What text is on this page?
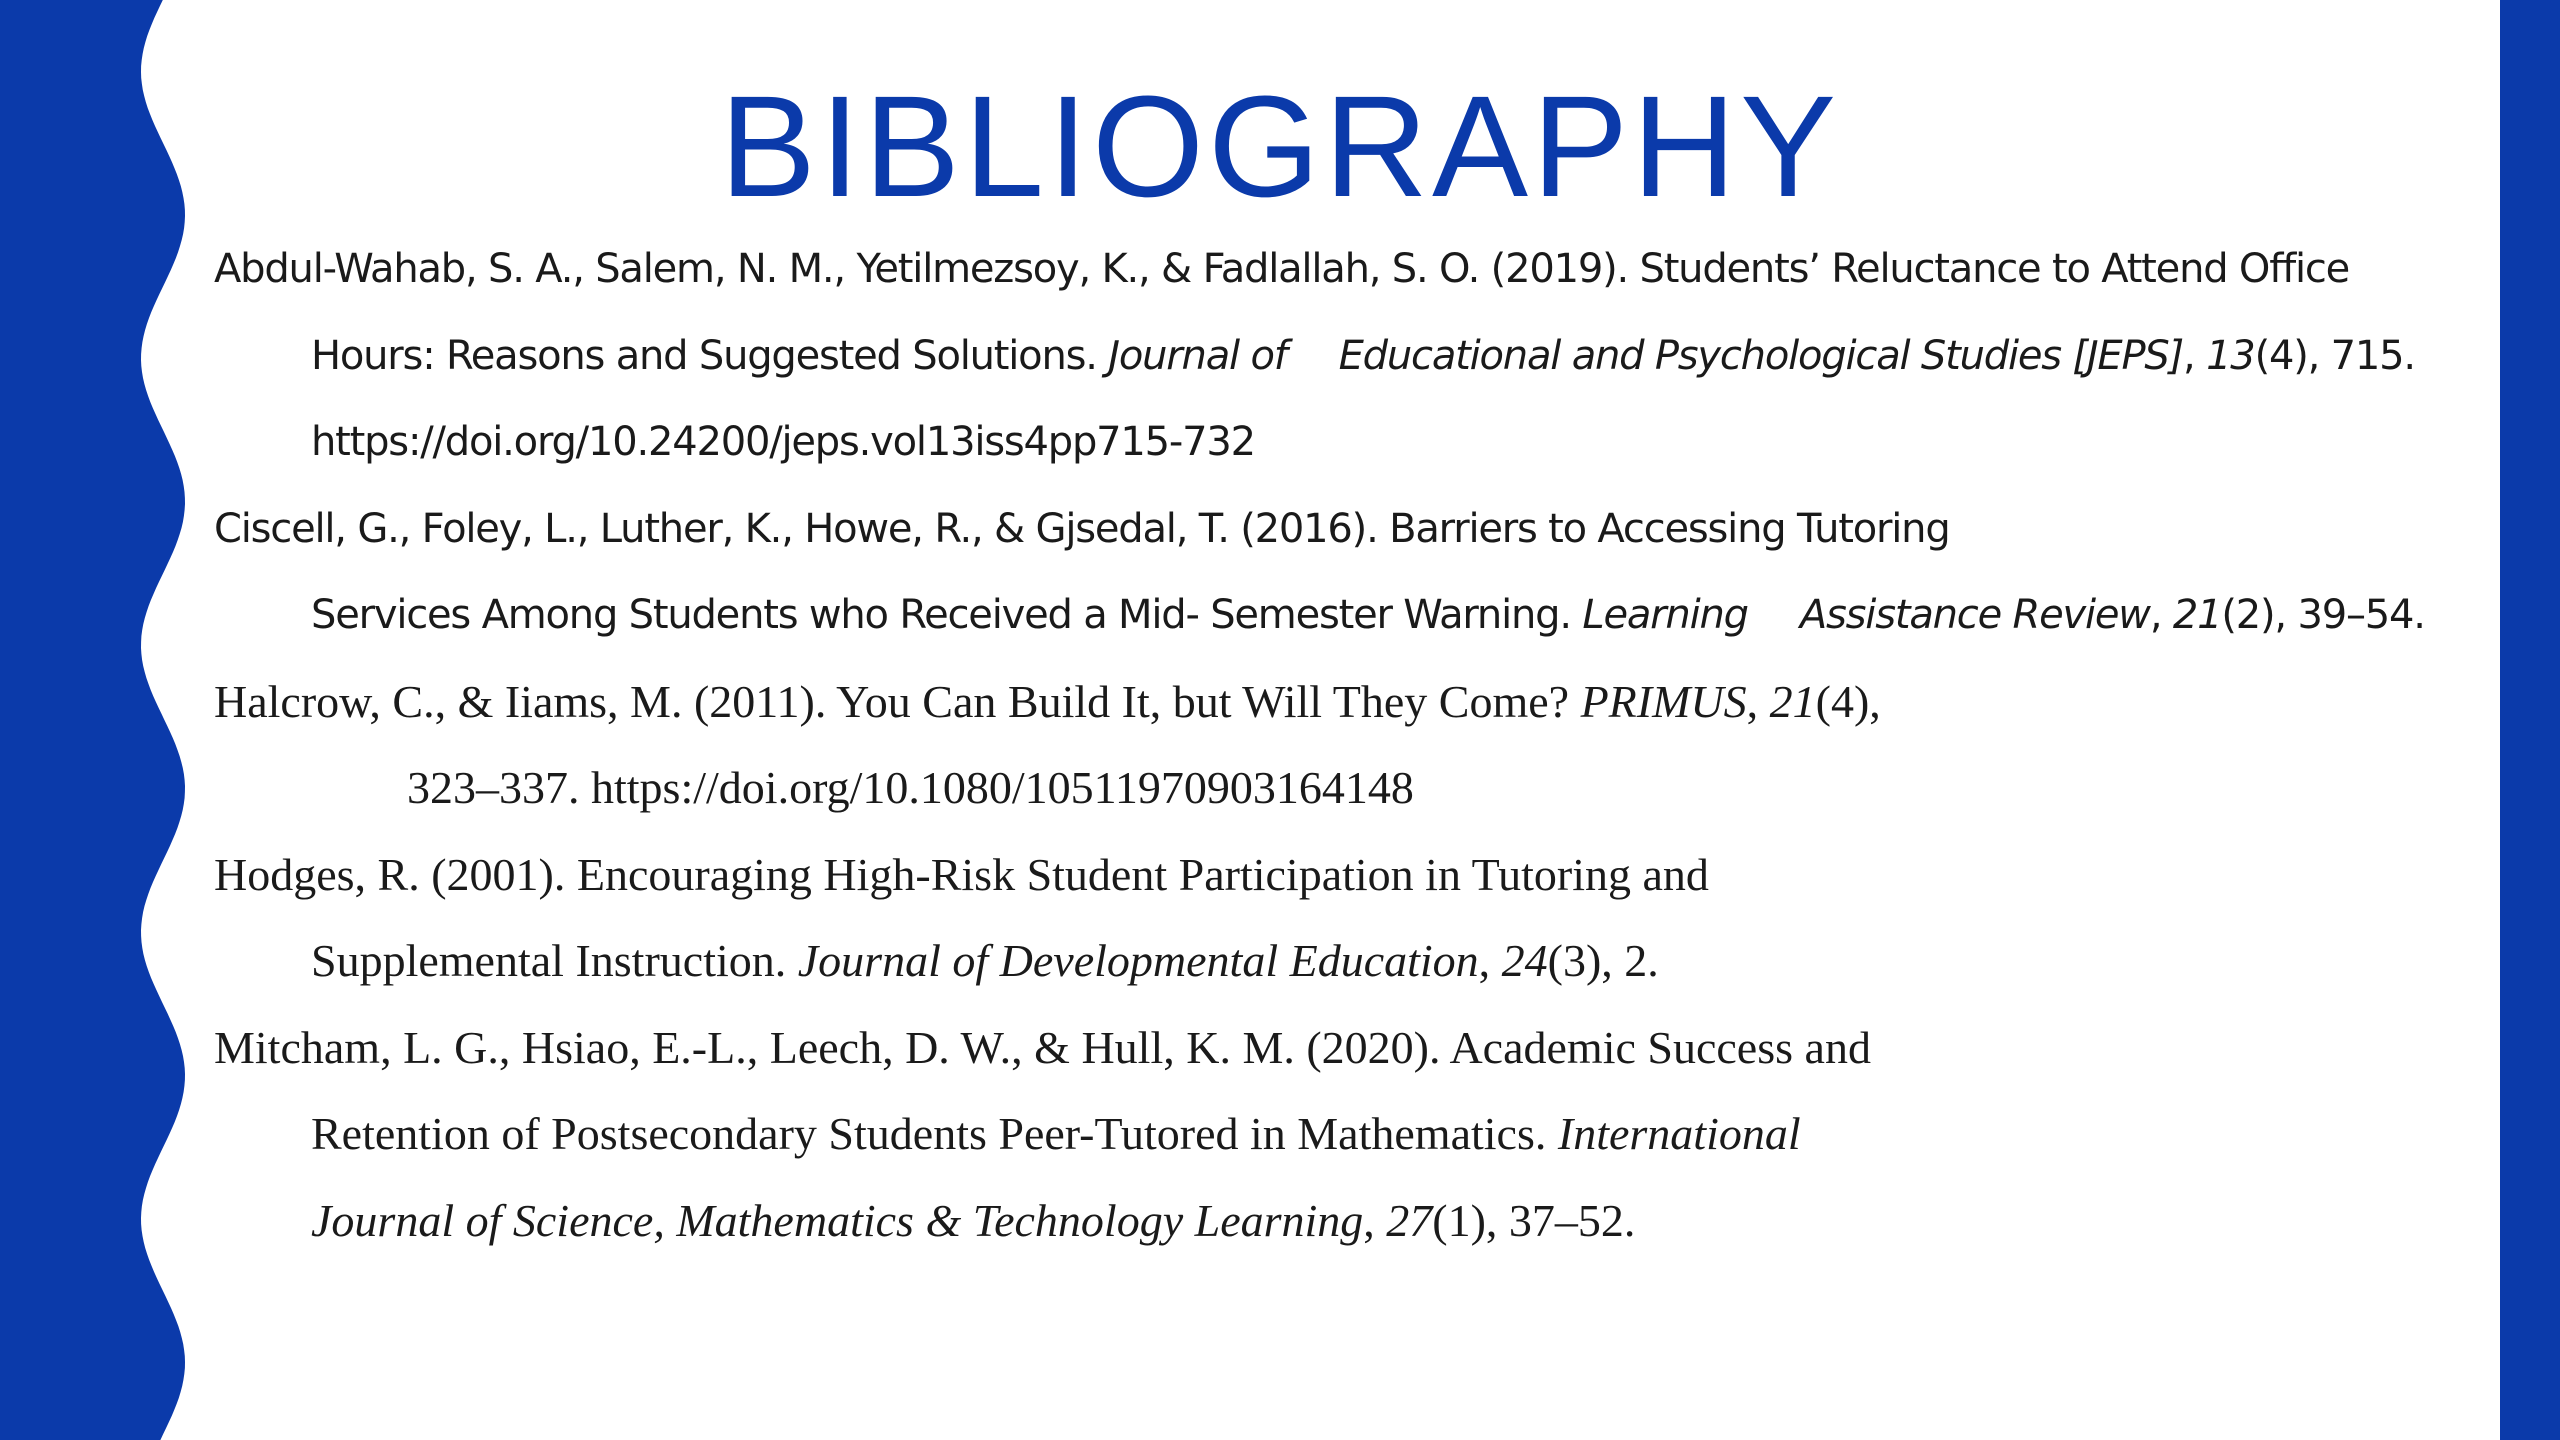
BIBLIOGRAPHY
Abdul-Wahab, S. A., Salem, N. M., Yetilmezsoy, K., & Fadlallah, S. O. (2019). Students’ Reluctance to Attend Office
Hours: Reasons and Suggested Solutions. Journal of Educational and Psychological Studies [JEPS], 13(4), 715.
https://doi.org/10.24200/jeps.vol13iss4pp715-732
Ciscell, G., Foley, L., Luther, K., Howe, R., & Gjsedal, T. (2016). Barriers to Accessing Tutoring
Services Among Students who Received a Mid- Semester Warning. Learning Assistance Review, 21(2), 39–54.
Halcrow, C., & Iiams, M. (2011). You Can Build It, but Will They Come? PRIMUS, 21(4),
323–337. https://doi.org/10.1080/10511970903164148
Hodges, R. (2001). Encouraging High-Risk Student Participation in Tutoring and
Supplemental Instruction. Journal of Developmental Education, 24(3), 2.
Mitcham, L. G., Hsiao, E.-L., Leech, D. W., & Hull, K. M. (2020). Academic Success and
Retention of Postsecondary Students Peer-Tutored in Mathematics. International
Journal of Science, Mathematics & Technology Learning, 27(1), 37–52.
